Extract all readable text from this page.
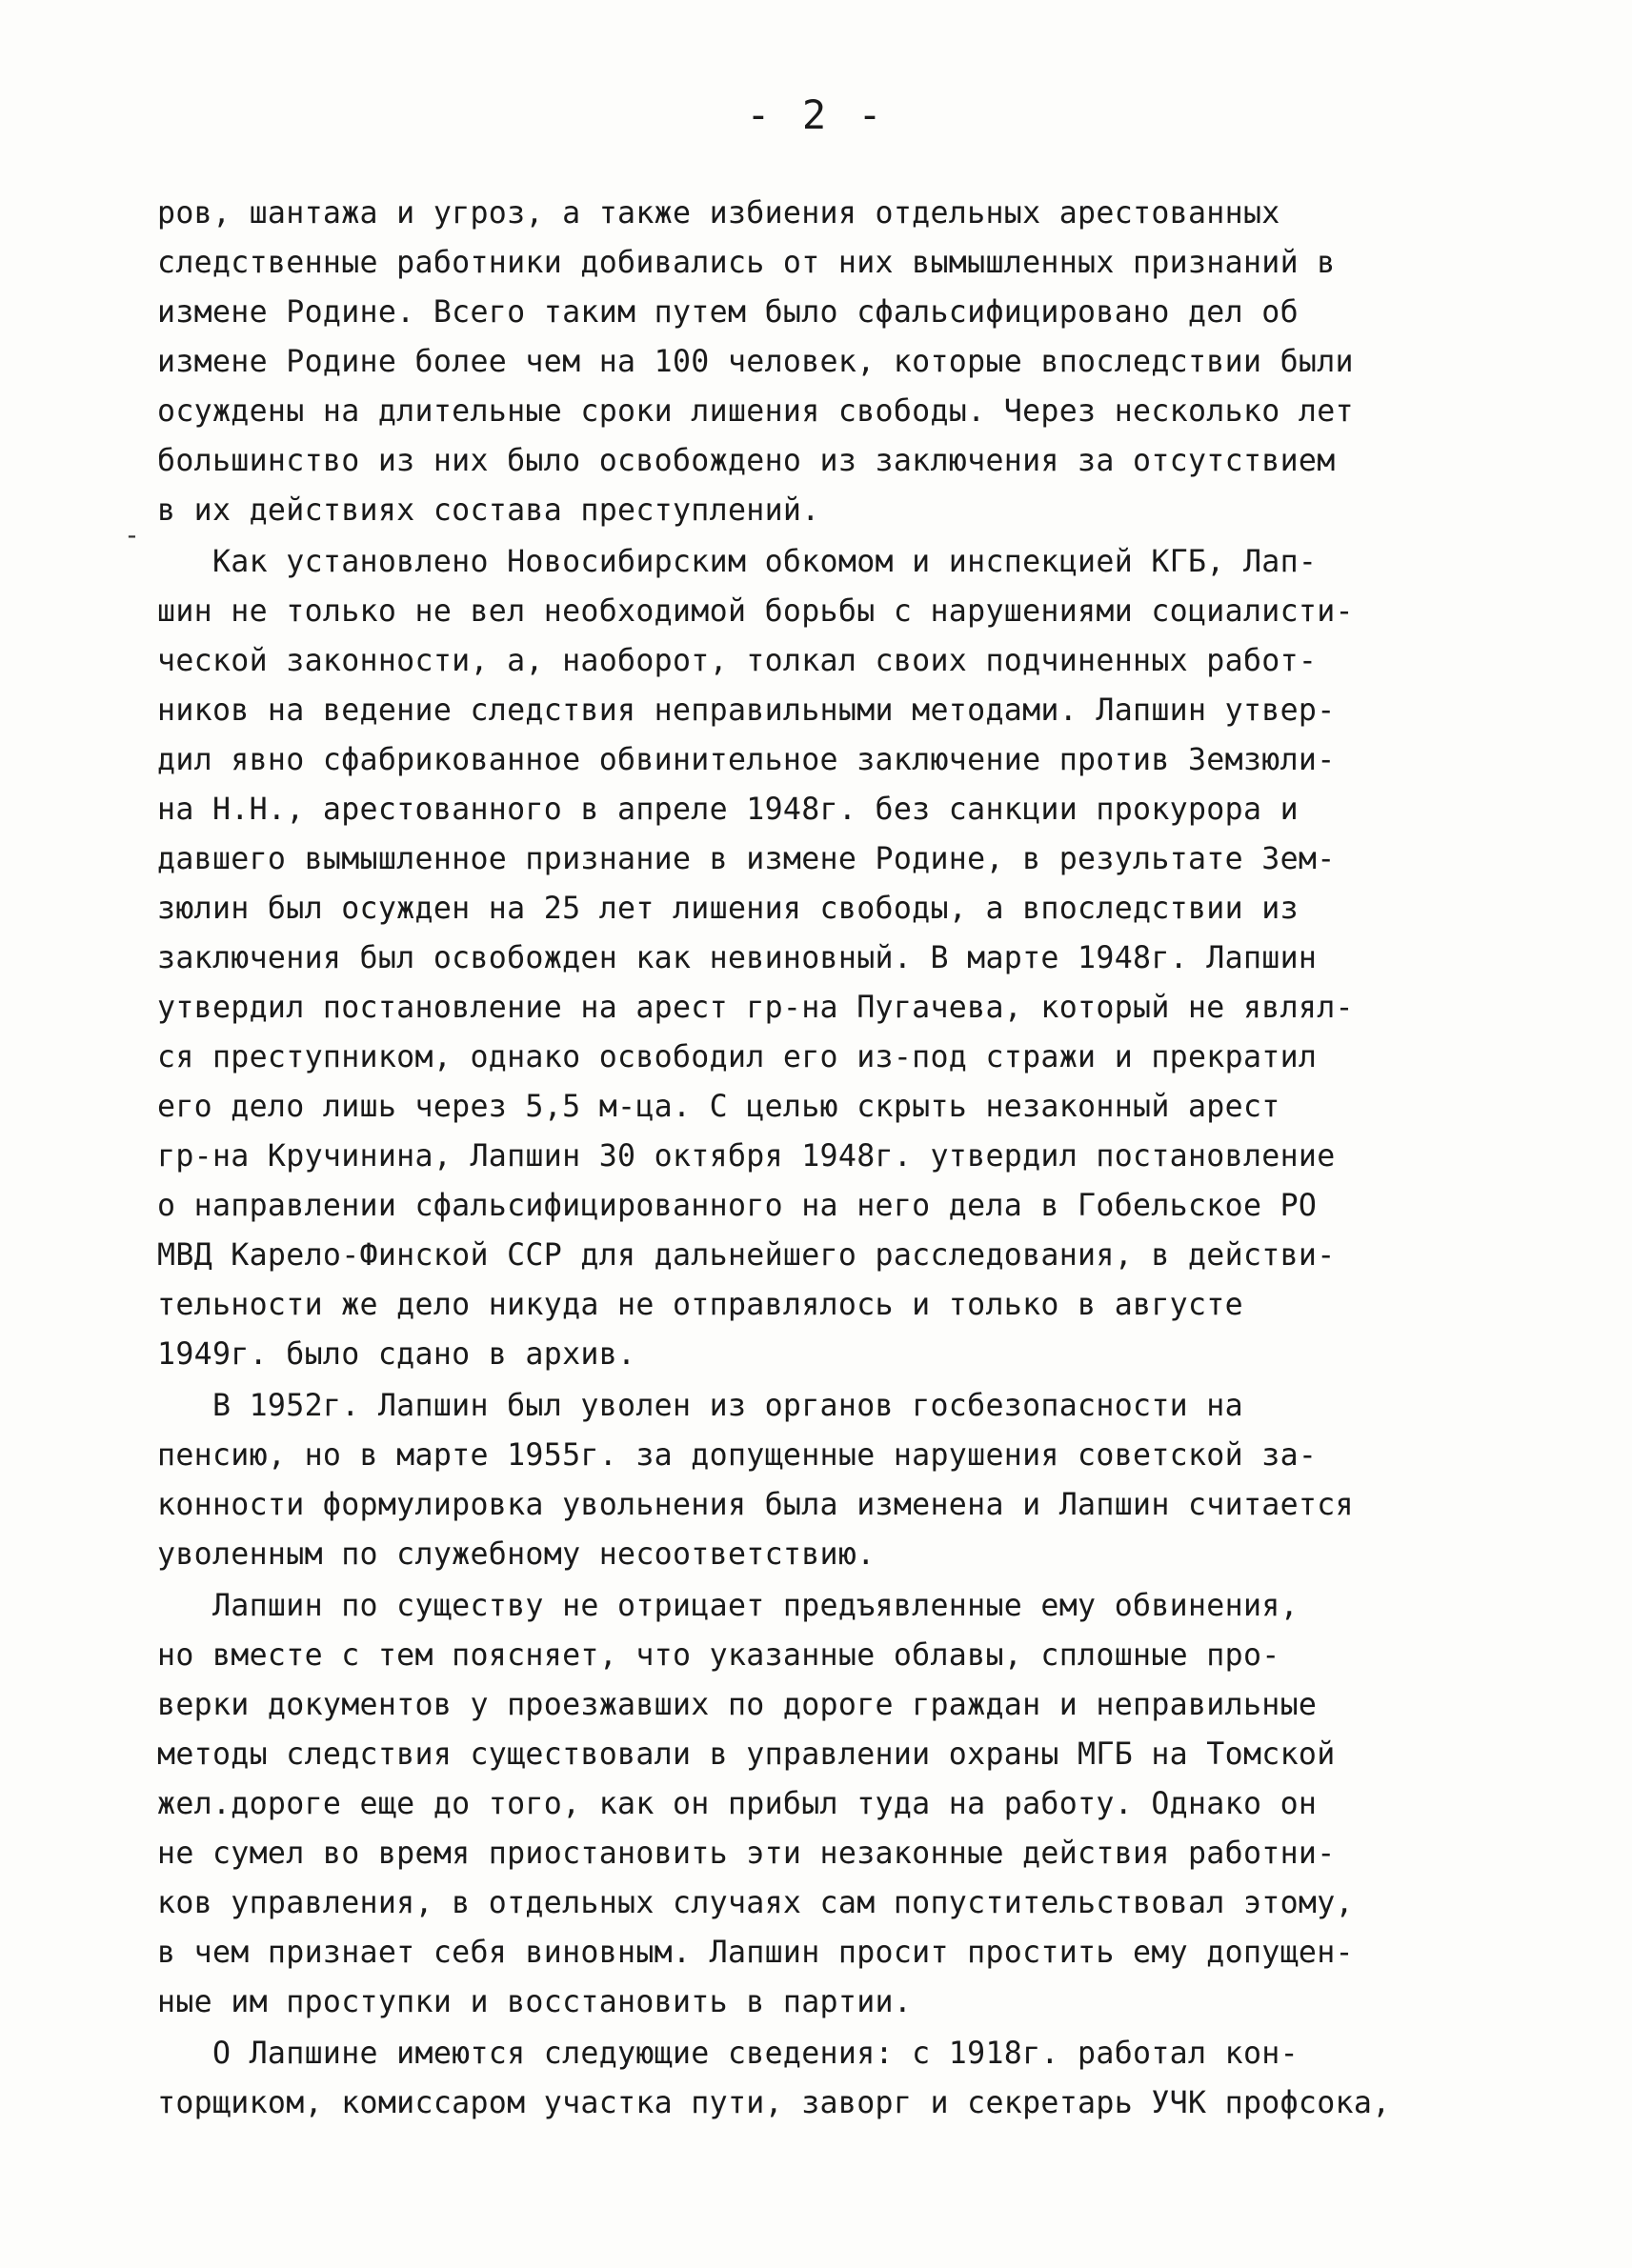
- 2 -
-
ров, шантажа и угроз, а также избиения отдельных арестованных
следственные работники добивались от них вымышленных признаний в
измене Родине. Всего таким путем было сфальсифицировано дел об
измене Родине более чем на 100 человек, которые впоследствии были
осуждены на длительные сроки лишения свободы. Через несколько лет
большинство из них было освобождено из заключения за отсутствием
в их действиях состава преступлений.
Как установлено Новосибирским обкомом и инспекцией КГБ, Лап-
шин не только не вел необходимой борьбы с нарушениями социалисти-
ческой законности, а, наоборот, толкал своих подчиненных работ-
ников на ведение следствия неправильными методами. Лапшин утвер-
дил явно сфабрикованное обвинительное заключение против Земзюли-
на Н.Н., арестованного в апреле 1948г. без санкции прокурора и
давшего вымышленное признание в измене Родине, в результате Зем-
зюлин был осужден на 25 лет лишения свободы, а впоследствии из
заключения был освобожден как невиновный. В марте 1948г. Лапшин
утвердил постановление на арест гр-на Пугачева, который не являл-
ся преступником, однако освободил его из-под стражи и прекратил
его дело лишь через 5,5 м-ца. С целью скрыть незаконный арест
гр-на Кручинина, Лапшин 30 октября 1948г. утвердил постановление
о направлении сфальсифицированного на него дела в Гобельское РО
МВД Карело-Финской ССР для дальнейшего расследования, в действи-
тельности же дело никуда не отправлялось и только в августе
1949г. было сдано в архив.
В 1952г. Лапшин был уволен из органов госбезопасности на
пенсию, но в марте 1955г. за допущенные нарушения советской за-
конности формулировка увольнения была изменена и Лапшин считается
уволенным по служебному несоответствию.
Лапшин по существу не отрицает предъявленные ему обвинения,
но вместе с тем поясняет, что указанные облавы, сплошные про-
верки документов у проезжавших по дороге граждан и неправильные
методы следствия существовали в управлении охраны МГБ на Томской
жел.дороге еще до того, как он прибыл туда на работу. Однако он
не сумел во время приостановить эти незаконные действия работни-
ков управления, в отдельных случаях сам попустительствовал этому,
в чем признает себя виновным. Лапшин просит простить ему допущен-
ные им проступки и восстановить в партии.
О Лапшине имеются следующие сведения: с 1918г. работал кон-
торщиком, комиссаром участка пути, заворг и секретарь УЧК профсока,
